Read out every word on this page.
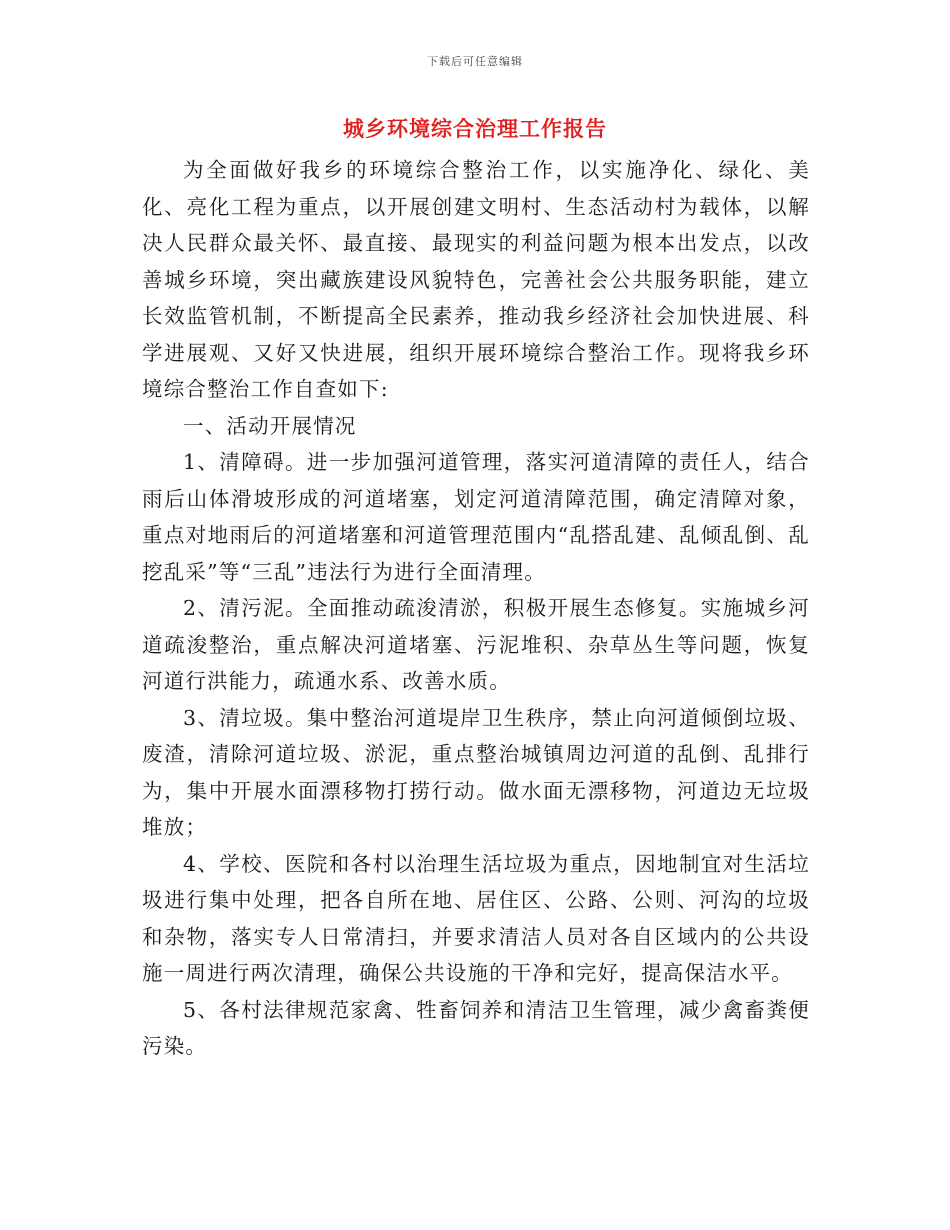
下载后可任意编辑
城乡环境综合治理工作报告

为全面做好我乡的环境综合整治工作，以实施净化、绿化、美化、亮化工程为重点，以开展创建文明村、生态活动村为载体，以解决人民群众最关怀、最直接、最现实的利益问题为根本出发点，以改善城乡环境，突出藏族建设风貌特色，完善社会公共服务职能，建立长效监管机制，不断提高全民素养，推动我乡经济社会加快进展、科学进展观、又好又快进展，组织开展环境综合整治工作。现将我乡环境综合整治工作自查如下:

一、活动开展情况

1、清障碍。进一步加强河道管理，落实河道清障的责任人，结合雨后山体滑坡形成的河道堵塞，划定河道清障范围，确定清障对象，重点对地雨后的河道堵塞和河道管理范围内“乱搭乱建、乱倾乱倒、乱挖乱采”等“三乱”违法行为进行全面清理。

2、清污泥。全面推动疏浚清淤，积极开展生态修复。实施城乡河道疏浚整治，重点解决河道堵塞、污泥堆积、杂草丛生等问题，恢复河道行洪能力，疏通水系、改善水质。

3、清垃圾。集中整治河道堤岸卫生秩序，禁止向河道倾倒垃圾、废渣，清除河道垃圾、淤泥，重点整治城镇周边河道的乱倒、乱排行为，集中开展水面漂移物打捞行动。做水面无漂移物，河道边无垃圾堆放；

4、学校、医院和各村以治理生活垃圾为重点，因地制宜对生活垃圾进行集中处理，把各自所在地、居住区、公路、公则、河沟的垃圾和杂物，落实专人日常清扫，并要求清洁人员对各自区域内的公共设施一周进行两次清理，确保公共设施的干净和完好，提高保洁水平。

5、各村法律规范家禽、牲畜饲养和清洁卫生管理，减少禽畜粪便污染。
